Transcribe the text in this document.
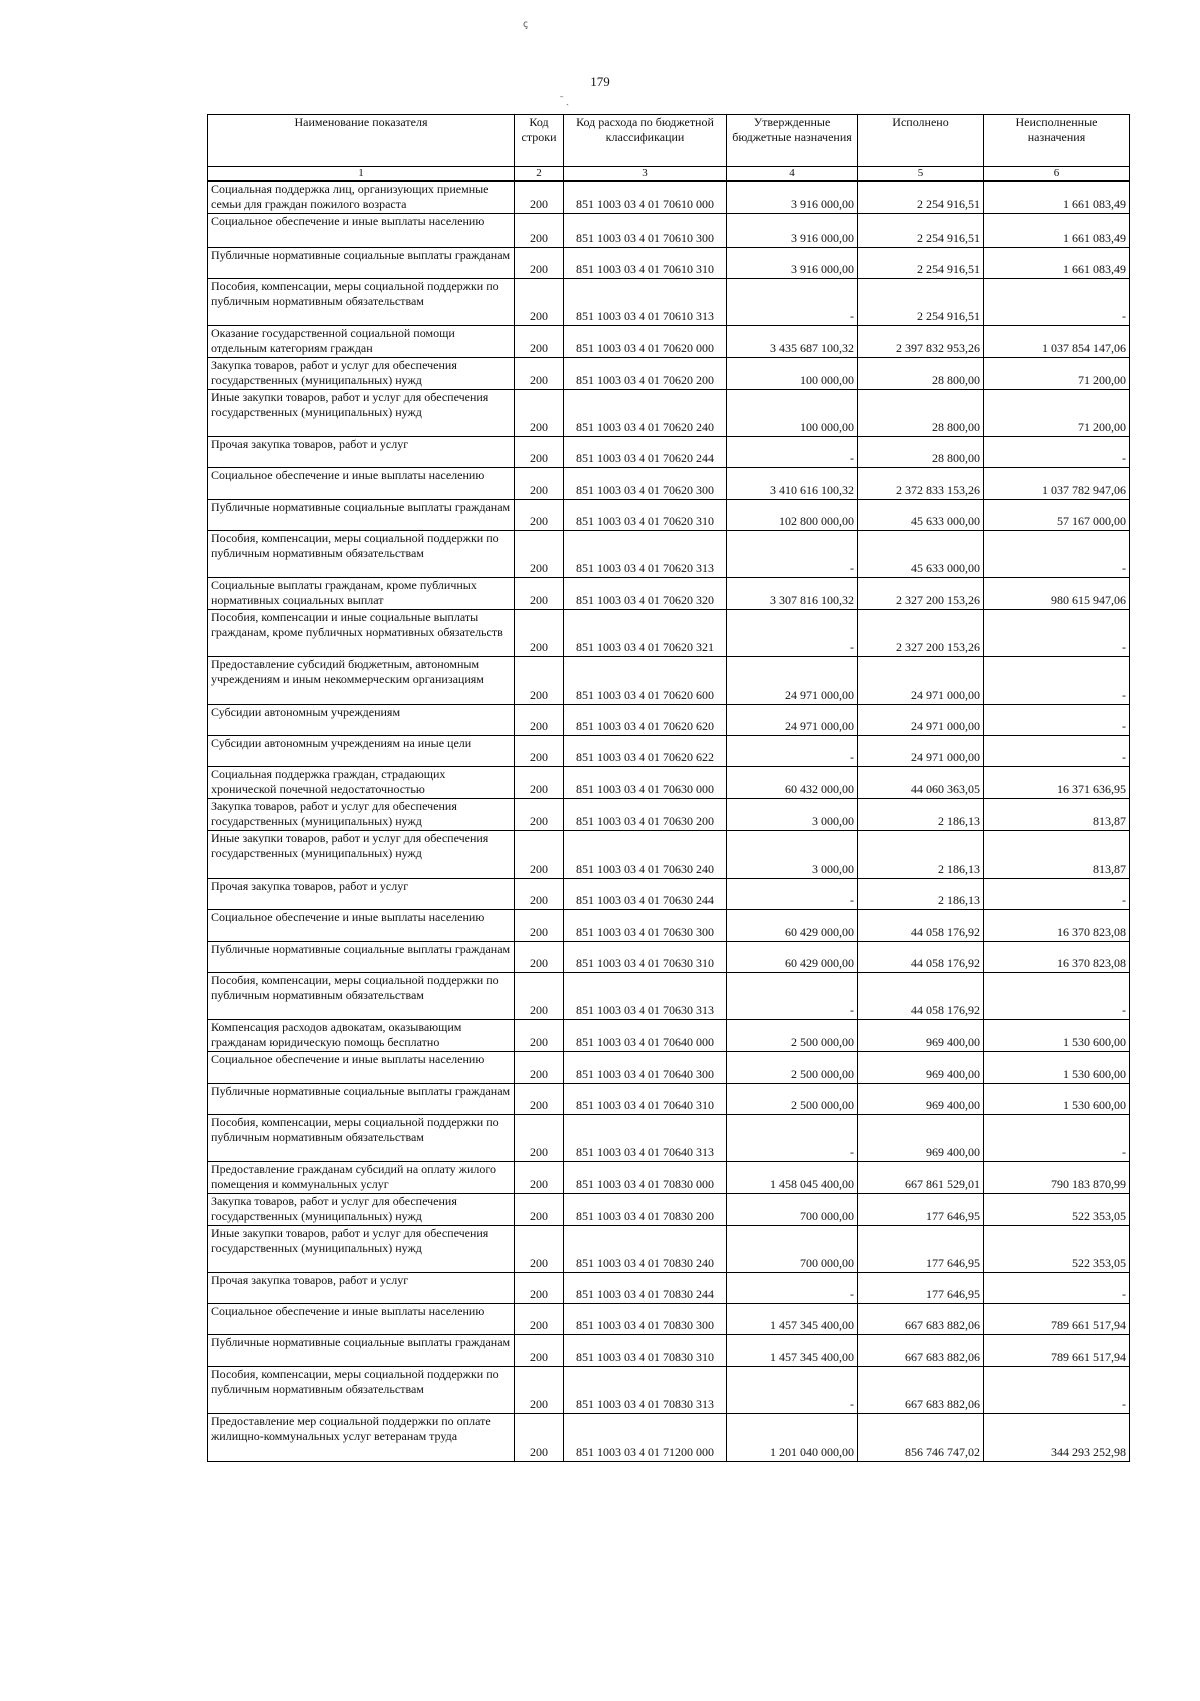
ꞔ
179
ˉ ˎ
Наименование показателя	Код строки	Код расхода по бюджетной классификации	Утвержденные бюджетные назначения	Исполнено	Неисполненные назначения
1	2	3	4	5	6
Социальная поддержка лиц, организующих приемные семьи для граждан пожилого возраста	200	851 1003 03 4 01 70610 000	3 916 000,00	2 254 916,51	1 661 083,49
Социальное обеспечение и иные выплаты населению	200	851 1003 03 4 01 70610 300	3 916 000,00	2 254 916,51	1 661 083,49
Публичные нормативные социальные выплаты гражданам	200	851 1003 03 4 01 70610 310	3 916 000,00	2 254 916,51	1 661 083,49
Пособия, компенсации, меры социальной поддержки по публичным нормативным обязательствам	200	851 1003 03 4 01 70610 313	-	2 254 916,51	-
Оказание государственной социальной помощи отдельным категориям граждан	200	851 1003 03 4 01 70620 000	3 435 687 100,32	2 397 832 953,26	1 037 854 147,06
Закупка товаров, работ и услуг для обеспечения государственных (муниципальных) нужд	200	851 1003 03 4 01 70620 200	100 000,00	28 800,00	71 200,00
Иные закупки товаров, работ и услуг для обеспечения государственных (муниципальных) нужд	200	851 1003 03 4 01 70620 240	100 000,00	28 800,00	71 200,00
Прочая закупка товаров, работ и услуг	200	851 1003 03 4 01 70620 244	-	28 800,00	-
Социальное обеспечение и иные выплаты населению	200	851 1003 03 4 01 70620 300	3 410 616 100,32	2 372 833 153,26	1 037 782 947,06
Публичные нормативные социальные выплаты гражданам	200	851 1003 03 4 01 70620 310	102 800 000,00	45 633 000,00	57 167 000,00
Пособия, компенсации, меры социальной поддержки по публичным нормативным обязательствам	200	851 1003 03 4 01 70620 313	-	45 633 000,00	-
Социальные выплаты гражданам, кроме публичных нормативных социальных выплат	200	851 1003 03 4 01 70620 320	3 307 816 100,32	2 327 200 153,26	980 615 947,06
Пособия, компенсации и иные социальные выплаты гражданам, кроме публичных нормативных обязательств	200	851 1003 03 4 01 70620 321	-	2 327 200 153,26	-
Предоставление субсидий бюджетным, автономным учреждениям и иным некоммерческим организациям	200	851 1003 03 4 01 70620 600	24 971 000,00	24 971 000,00	-
Субсидии автономным учреждениям	200	851 1003 03 4 01 70620 620	24 971 000,00	24 971 000,00	-
Субсидии автономным учреждениям на иные цели	200	851 1003 03 4 01 70620 622	-	24 971 000,00	-
Социальная поддержка граждан, страдающих хронической почечной недостаточностью	200	851 1003 03 4 01 70630 000	60 432 000,00	44 060 363,05	16 371 636,95
Закупка товаров, работ и услуг для обеспечения государственных (муниципальных) нужд	200	851 1003 03 4 01 70630 200	3 000,00	2 186,13	813,87
Иные закупки товаров, работ и услуг для обеспечения государственных (муниципальных) нужд	200	851 1003 03 4 01 70630 240	3 000,00	2 186,13	813,87
Прочая закупка товаров, работ и услуг	200	851 1003 03 4 01 70630 244	-	2 186,13	-
Социальное обеспечение и иные выплаты населению	200	851 1003 03 4 01 70630 300	60 429 000,00	44 058 176,92	16 370 823,08
Публичные нормативные социальные выплаты гражданам	200	851 1003 03 4 01 70630 310	60 429 000,00	44 058 176,92	16 370 823,08
Пособия, компенсации, меры социальной поддержки по публичным нормативным обязательствам	200	851 1003 03 4 01 70630 313	-	44 058 176,92	-
Компенсация расходов адвокатам, оказывающим гражданам юридическую помощь бесплатно	200	851 1003 03 4 01 70640 000	2 500 000,00	969 400,00	1 530 600,00
Социальное обеспечение и иные выплаты населению	200	851 1003 03 4 01 70640 300	2 500 000,00	969 400,00	1 530 600,00
Публичные нормативные социальные выплаты гражданам	200	851 1003 03 4 01 70640 310	2 500 000,00	969 400,00	1 530 600,00
Пособия, компенсации, меры социальной поддержки по публичным нормативным обязательствам	200	851 1003 03 4 01 70640 313	-	969 400,00	-
Предоставление гражданам субсидий на оплату жилого помещения и коммунальных услуг	200	851 1003 03 4 01 70830 000	1 458 045 400,00	667 861 529,01	790 183 870,99
Закупка товаров, работ и услуг для обеспечения государственных (муниципальных) нужд	200	851 1003 03 4 01 70830 200	700 000,00	177 646,95	522 353,05
Иные закупки товаров, работ и услуг для обеспечения государственных (муниципальных) нужд	200	851 1003 03 4 01 70830 240	700 000,00	177 646,95	522 353,05
Прочая закупка товаров, работ и услуг	200	851 1003 03 4 01 70830 244	-	177 646,95	-
Социальное обеспечение и иные выплаты населению	200	851 1003 03 4 01 70830 300	1 457 345 400,00	667 683 882,06	789 661 517,94
Публичные нормативные социальные выплаты гражданам	200	851 1003 03 4 01 70830 310	1 457 345 400,00	667 683 882,06	789 661 517,94
Пособия, компенсации, меры социальной поддержки по публичным нормативным обязательствам	200	851 1003 03 4 01 70830 313	-	667 683 882,06	-
Предоставление мер социальной поддержки по оплате жилищно-коммунальных услуг ветеранам труда	200	851 1003 03 4 01 71200 000	1 201 040 000,00	856 746 747,02	344 293 252,98
